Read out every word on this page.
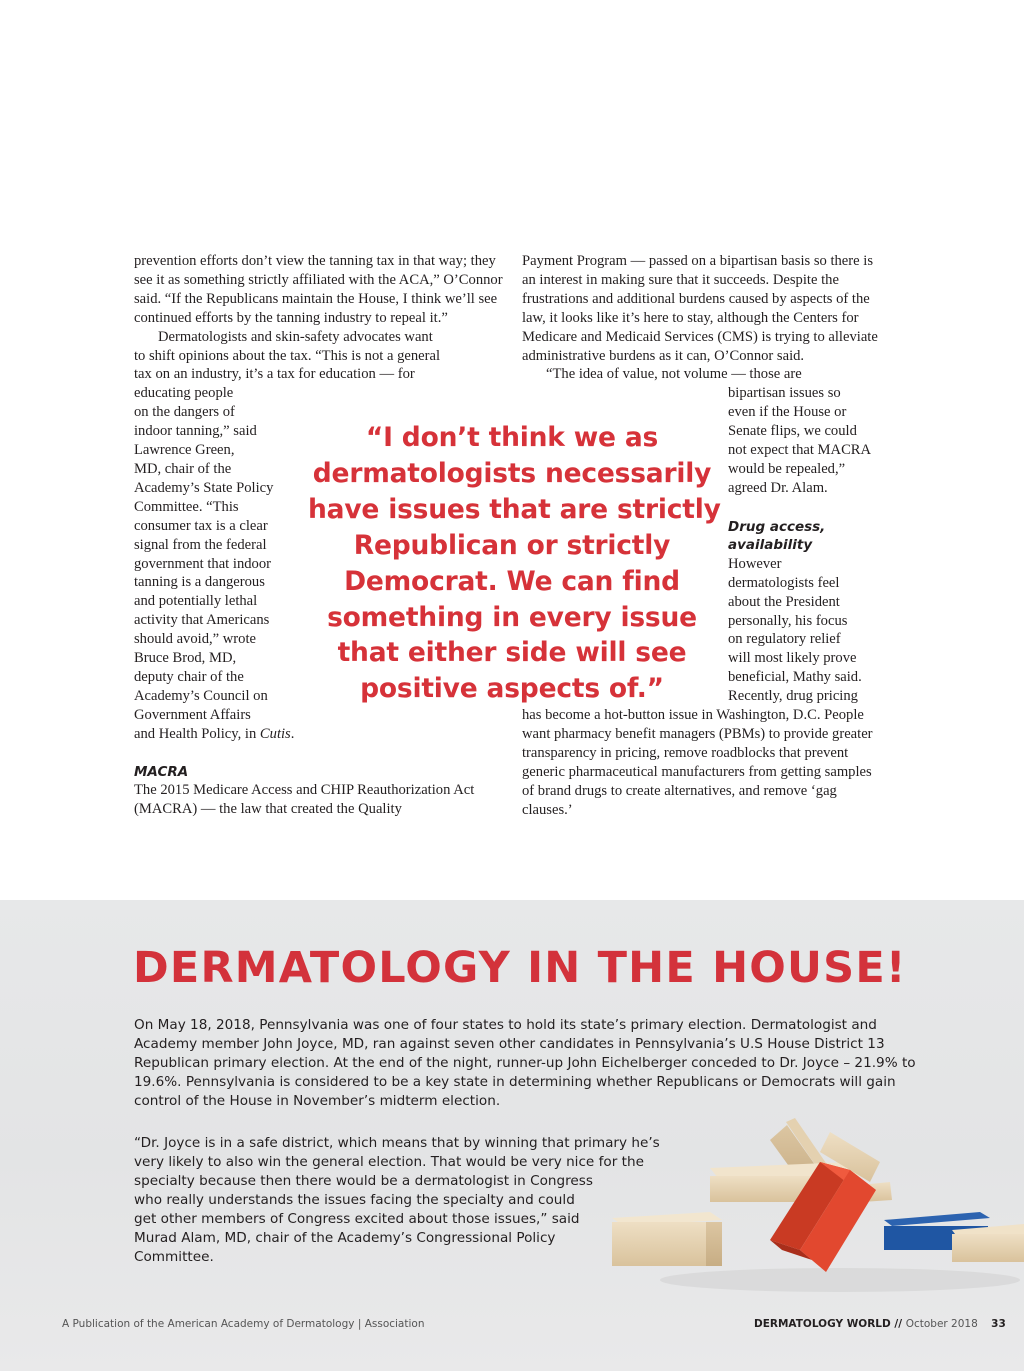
prevention efforts don’t view the tanning tax in that way; they see it as something strictly affiliated with the ACA,” O’Connor said. “If the Republicans maintain the House, I think we’ll see continued efforts by the tanning industry to repeal it.”

Dermatologists and skin-safety advocates want
to shift opinions about the tax. “This is not a general
tax on an industry, it’s a tax for education — for
educating people
on the dangers of
indoor tanning,” said
Lawrence Green,
MD, chair of the
Academy’s State Policy
Committee. “This
consumer tax is a clear
signal from the federal
government that indoor
tanning is a dangerous
and potentially lethal
activity that Americans
should avoid,” wrote
Bruce Brod, MD,
deputy chair of the
Academy’s Council on
Government Affairs
and Health Policy, in Cutis.
MACRA

The 2015 Medicare Access and CHIP Reauthorization Act (MACRA) — the law that created the Quality

“I don’t think we as
dermatologists necessarily
have issues that are strictly
Republican or strictly
Democrat. We can find
something in every issue
that either side will see
positive aspects of.”

Payment Program — passed on a bipartisan basis so there is an interest in making sure that it succeeds. Despite the frustrations and additional burdens caused by aspects of the law, it looks like it’s here to stay, although the Centers for Medicare and Medicaid Services (CMS) is trying to alleviate administrative burdens as it can, O’Connor said.

“The idea of value, not volume — those are

bipartisan issues so
even if the House or
Senate flips, we could
not expect that MACRA
would be repealed,”
agreed Dr. Alam.
Drug access, availability
However
dermatologists feel
about the President
personally, his focus
on regulatory relief
will most likely prove
beneficial, Mathy said.
Recently, drug pricing

has become a hot-button issue in Washington, D.C. People want pharmacy benefit managers (PBMs) to provide greater transparency in pricing, remove roadblocks that prevent generic pharmaceutical manufacturers from getting samples of brand drugs to create alternatives, and remove ‘gag clauses.’

DERMATOLOGY IN THE HOUSE!

On May 18, 2018, Pennsylvania was one of four states to hold its state’s primary election. Dermatologist and Academy member John Joyce, MD, ran against seven other candidates in Pennsylvania’s U.S House District 13 Republican primary election. At the end of the night, runner-up John Eichelberger conceded to Dr. Joyce – 21.9% to 19.6%. Pennsylvania is considered to be a key state in determining whether Republicans or Democrats will gain control of the House in November’s midterm election.

“Dr. Joyce is in a safe district, which means that by winning that primary he’s
very likely to also win the general election. That would be very nice for the
specialty because then there would be a dermatologist in Congress
who really understands the issues facing the specialty and could
get other members of Congress excited about those issues,” said
Murad Alam, MD, chair of the Academy’s Congressional Policy
Committee.
A Publication of the American Academy of Dermatology | Association	DERMATOLOGY WORLD // October 2018 33
